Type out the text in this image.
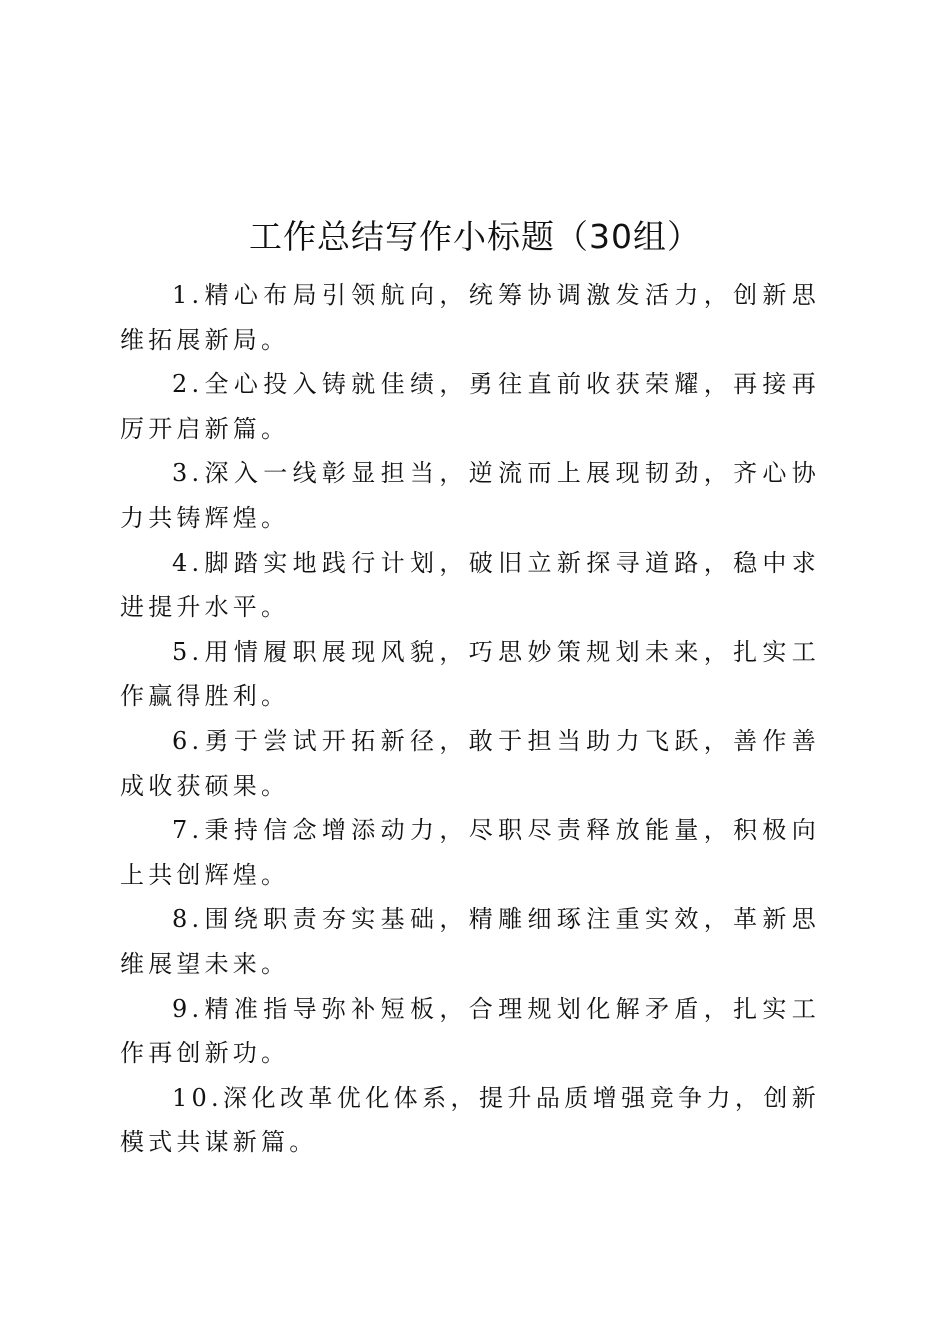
工作总结写作小标题（30组）
1.精心布局引领航向，统筹协调激发活力，创新思维拓展新局。
2.全心投入铸就佳绩，勇往直前收获荣耀，再接再厉开启新篇。
3.深入一线彰显担当，逆流而上展现韧劲，齐心协力共铸辉煌。
4.脚踏实地践行计划，破旧立新探寻道路，稳中求进提升水平。
5.用情履职展现风貌，巧思妙策规划未来，扎实工作赢得胜利。
6.勇于尝试开拓新径，敢于担当助力飞跃，善作善成收获硕果。
7.秉持信念增添动力，尽职尽责释放能量，积极向上共创辉煌。
8.围绕职责夯实基础，精雕细琢注重实效，革新思维展望未来。
9.精准指导弥补短板，合理规划化解矛盾，扎实工作再创新功。
10.深化改革优化体系，提升品质增强竞争力，创新模式共谋新篇。
